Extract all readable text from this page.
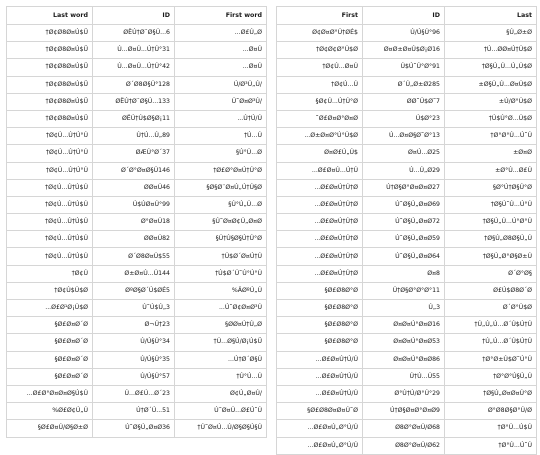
Last word	ID	First word
†Ø¢Ø8Ø¤Ú$Ü	ØËÚ†Ø¯Ø§Ú...6	...Ø£Ú„Ø
†Ø¢Ø8Ø¤Ú$Ü	Ú...Ø¤Ú...Ú†Ú°31	...Ø¤Ú
†Ø¢Ø8Ø¤Ú$Ü	Ú...Ø¤Ú...Ú†Ú°42	...Ø¤Ú
†Ø¢Ø8Ø¤Ú$Ü	Ø´Ø8Ø§Ú°128	Ú/Ø³Ú„Ú/
†Ø¢Ø8Ø¤Ú$Ü	ØËÚ†Ø¯Ø§Ú...133	Ú˜Ø¤Ø³Ú/
†Ø¢Ø8Ø¤Ú$Ü	ØËÚ†Ú$Ø§Ø¡11	...Ú†Ú/Ú
†Ø¢Ú...Ú†Ú°Ú	Ú†Ú...Ú„89	†Ú...Ú
†Ø¢Ú...Ú†Ú°Ú	ØÆÚ°Ø´37	§Ú°Ú...Ø
†Ø¢Ú...Ú†Ú°Ú	Ø´Ø°Ø¤Ø§Ú146	†Ø£Ø°Ø¤Ú†Ú°Ø
†Ø¢Ú...Ú†Ú$Ú	ØØ¤Ú46	§Ø§Ø¨Ø¤Ú„Ú†Ú§Ø
†Ø¢Ú...Ú†Ú$Ú	Ú$ÚØ¤Ú°99	§Ú°Ú„Ú...Ø
†Ø¢Ú...Ú†Ú$Ú	Ø°Ø¤Ú18	§Ú˜Ø¤Ø¢Ú„Ø¤Ø
†Ø¢Ú...Ú†Ú$Ú	ØØ¤Ú82	§Ú†Ú§Ø§Ú†Ú°Ø
†Ø¢Ú...Ú†Ú$Ú	Ø´Ø8Ø¤Ú$55	†Ú$Ø´Ø¤Ú†Ú
†Ø¢Ú	Ø±Ø¤Ú...Ú144	†Ú$Ø´Ú˜Ú°Ú°Ú
†Ø¢Ú$Ú$Ø	ØºØ§Ø´Ú$ØÉ5	%ÄØºÚ„Ú
...Ø£Ø¹Ø¡Ú$Ø	Ú˜Ú$Ú„3	...Ú˜Ø¢Ø¤Ø³Ú
§Ø£Ø¤Ø´Ø	Ø¬Ú†23	§ØØ¤Ú†Ú„Ø
§Ø£Ø¤Ø´Ø	Ú/Ú§Ú°34	†Ú...Ø§Ú/Ø¡Ú$Ü
§Ø£Ø¤Ø´Ø	Ú/Ú§Ú°35	...Ú†Ø´Ø§Ú
§Ø£Ø¤Ø´Ø	Ú/Ú§Ú°57	†Ú°Ú...Ú
...Ø£Ø°Ø¤Ø¤Ø§Ú$Ú	Ú...Ø£Ú...Ø´23	Ø¢Ú„Ø¤Ú/
%Ø£Ø¢Ú„Ú	Ú†Ø´Ú...51	Ú˜Ø¤Ú...Ø£Ú˜Ú
§Ø£Ø¤Ú/Ø§Ø±Ø	Ú˜Ø§Ú„Ø¤Ø36	†Ú˜Ø¤Ú...Ú/Ø§Ø§Ú§Ú
First	ID	Last
Ø¢Ø¤Ø°Ú†ØÉ$	Ú/Ú§Ú°96	§Ú„Ø±Ø
†Ø¢Ø¢Ø°Ú$Ø	Ø¤Ø±Ø¤Ú$Ø¡Ø16	†Ú...ØØ¤Ú†Ú$Ø
†Ø¢Ú...Ø¤Ú	Ú$Ú˜Ú°Ø°91	†Ø§Ú„Ú...Ú„Ú$Ø
†Ø¢Ú...Ú	Ø´Ú„Ø±Ø285	±Ø§Ú„Ú...Ø¤Ú$Ø
§Ø¢Ú...Ú†Ú°Ø	ØØ˜Ú$Ø˜7	±Ú/Ø°Ú$Ø
˜Ø£Ø¤Ø°Ø¤Ø	Ú$Ø°23	†Ú$Ú°Ø...Ú$Ø
...Ø±Ø¤Ø°Ú°Ú$Ø	Ú...Ø¤Ø§Ø˜Ø°13	†Ø°Ø°Ú...Ú˜Ú
Ø¤Ø£Ú„Ú$	Ø¤Ú...Ø25	±Ø¤Ø
...Ø£Ø¤Ú...Ú†Ú	Ú...Ú„Ø29	±Ø°Ú...Ø£Ú
...Ø£Ø¤Ú†Ú†Ø	Ú†Ø§Ø°Ø¤Ø¤Ø27	§Ø°Ú†Ø§Ú°Ø
...Ø£Ø¤Ú†Ú†Ø	Ú˜Ø§Ú„Ø¤Ø69	†Ø§Ú˜Ú...Ú°Ú
...Ø£Ø¤Ú†Ú†Ø	Ú˜Ø§Ú„Ø¤Ø72	†Ø§Ú„Ú...Ú°Ø°Ú
...Ø£Ø¤Ú†Ú†Ø	Ú˜Ø§Ú„Ø¤Ø59	†Ø§Ú„Ø8Ø§Ú„Ú
...Ø£Ø¤Ú†Ú†Ø	Ú˜Ø§Ú„Ø¤Ø64	†Ø§Ú„Ø°Ø§Ø±Ú
...Ø£Ø¤Ú†Ú†Ø	Ø¤8	Ø´Ø°Ø§
§Ø£Ø8Ø°Ø	Ú†Ø§Ø°Ø°Ø°11	Ø£Ú$Ø8Ø´Ø
§Ø£Ø8Ø°Ø	Ú„3	Ø´Ø°Ú$Ø
§Ø£Ø8Ø°Ø	Ø¤Ø¤Ú°Ø¤Ø16	†Ú„Ú„Ú...Ø´Ú$Ú†Ú
§Ø£Ø8Ø°Ø	Ø¤Ø¤Ú°Ø¤Ø53	†Ú„Ú...Ø´Ú$Ú†Ú
...Ø£Ø¤Ú†Ú/Ú	Ø¤Ø¤Ú°Ø¤Ø86	†Ø°Ø±Ú$Ø˜Ú°Ú
...Ø£Ø¤Ú†Ú/Ú	Ú†Ú...Ú55	†Ø°Ø°Ú§Ú„Ú
...Ø£Ø¤Ú†Ú/Ú	Ø°Ú†Ú/Ø°Ú°29	†Ø§Ú„Ø¤Ø¤Ú°Ø
§Ø£Ø8Ø¤Ø¤Ú˜Ø	Ú†Ø§Ø¤Ø°Ø¤Ø9	Ø°Ø8Ø§Ø°Ú/Ø
...Ø£Ø¤Ú„Ø°Ú/Ú	Ø8Ø°Ø¤Ú/Ø68	†Ø°Ú...Ú$Ú
...Ø£Ø¤Ú„Ø°Ú/Ú	Ø8Ø°Ø¤Ú/Ø62	†Ø°Ú...Ú˜Ú
